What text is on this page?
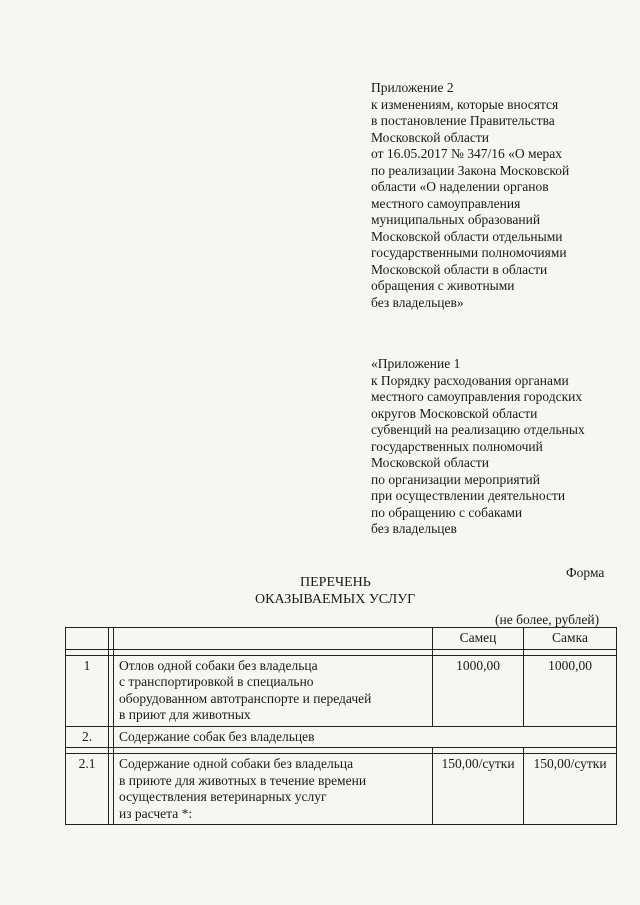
Приложение 2
к изменениям, которые вносятся
в постановление Правительства
Московской области
от 16.05.2017 № 347/16 «О мерах
по реализации Закона Московской
области «О наделении органов
местного самоуправления
муниципальных образований
Московской области отдельными
государственными полномочиями
Московской области в области
обращения с животными
без владельцев»
«Приложение 1
к Порядку расходования органами
местного самоуправления городских
округов Московской области
субвенций на реализацию отдельных
государственных полномочий
Московской области
по организации мероприятий
при осуществлении деятельности
по обращению с собаками
без владельцев
Форма
ПЕРЕЧЕНЬ
ОКАЗЫВАЕМЫХ УСЛУГ
(не более, рублей)
			Самец	Самка

1		Отлов одной собаки без владельца
с транспортировкой в специально
оборудованном автотранспорте и передачей
в приют для животных	1000,00	1000,00
2.		Содержание собак без владельцев		

2.1		Содержание одной собаки без владельца
в приюте для животных в течение времени
осуществления ветеринарных услуг
из расчета *:	150,00/сутки	150,00/сутки
